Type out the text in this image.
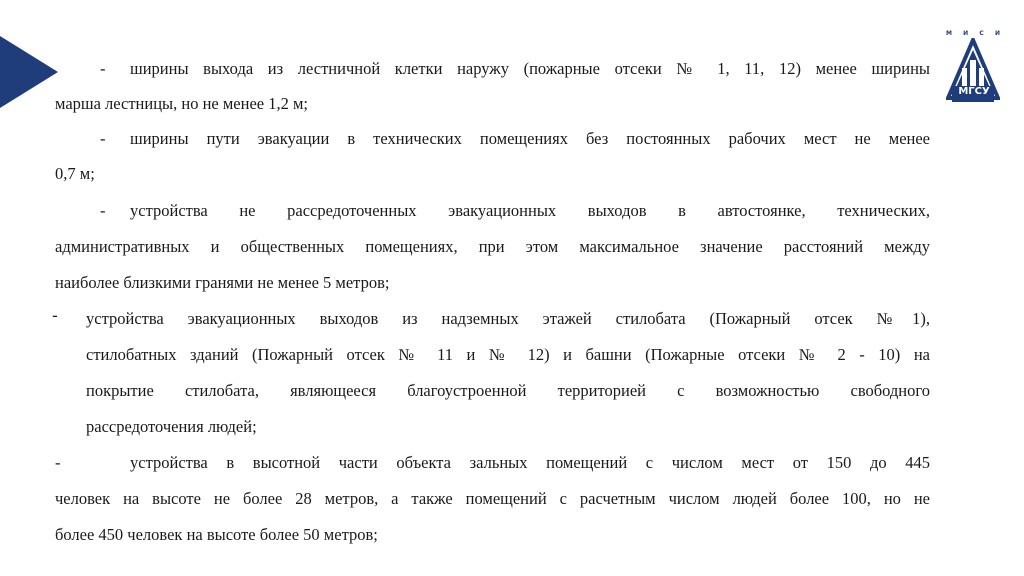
М И С И
МГСУ
- ширины выхода из лестничной клетки наружу (пожарные отсеки № 1, 11, 12) менее ширины
марша лестницы, но не менее 1,2 м;
- ширины пути эвакуации в технических помещениях без постоянных рабочих мест не менее
0,7 м;
- устройства не рассредоточенных эвакуационных выходов в автостоянке, технических,
административных и общественных помещениях, при этом максимальное значение расстояний между
наиболее близкими гранями не менее 5 метров;
- устройства эвакуационных выходов из надземных этажей стилобата (Пожарный отсек №1),
стилобатных зданий (Пожарный отсек № 11 и № 12) и башни (Пожарные отсеки № 2 - 10) на
покрытие стилобата, являющееся благоустроенной территорией с возможностью свободного
рассредоточения людей;
-	устройства в высотной части объекта зальных помещений с числом мест от 150 до 445
человек на высоте не более 28 метров, а также помещений с расчетным числом людей более 100, но не
более 450 человек на высоте более 50 метров;
